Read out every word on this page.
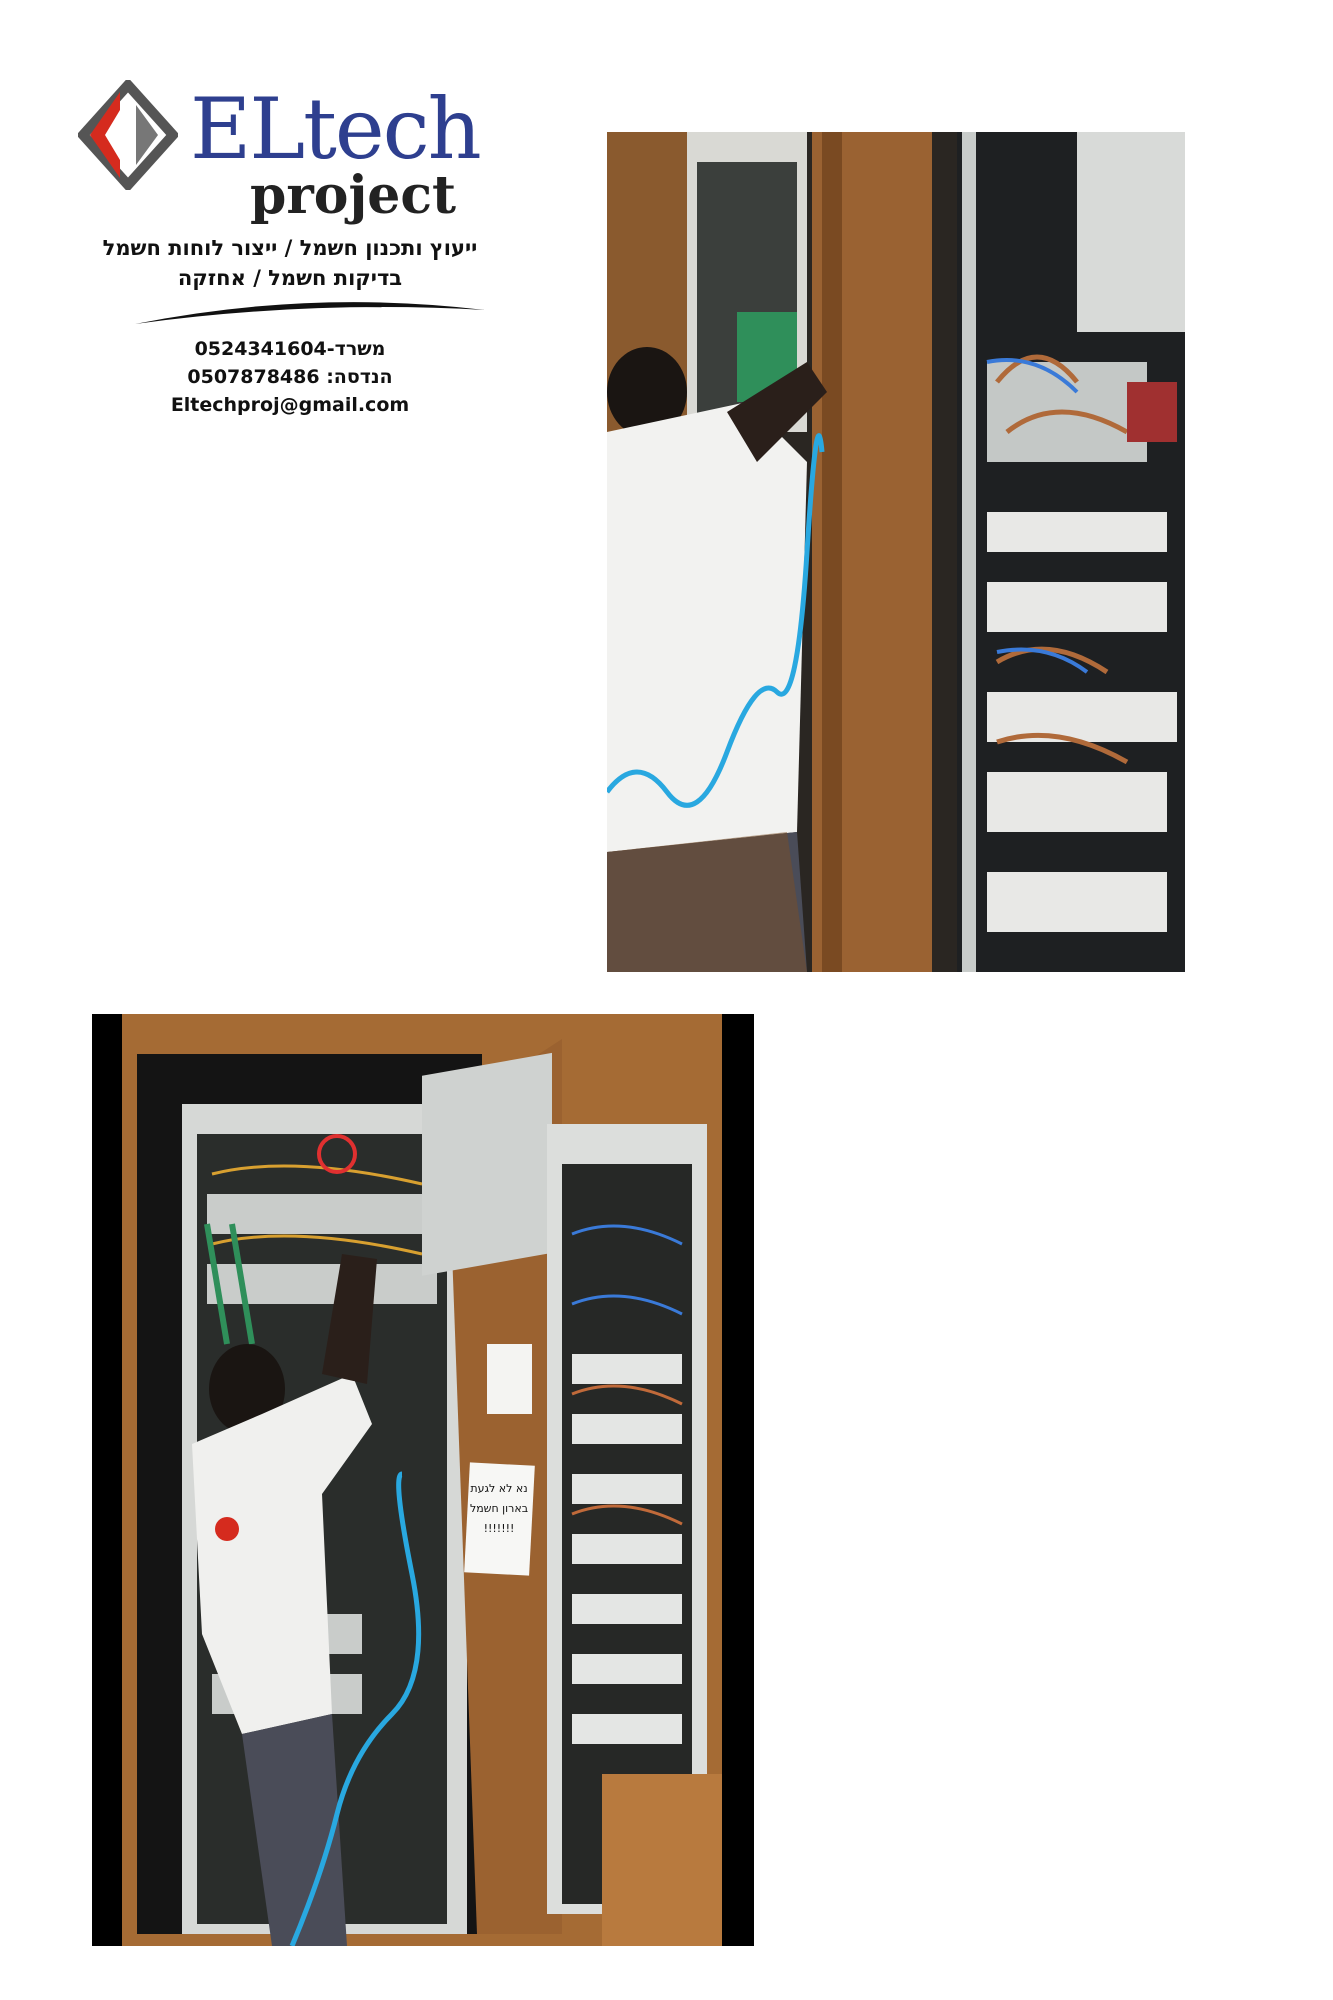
ELtech
project
ייעוץ ותכנון חשמל / ייצור לוחות חשמל
בדיקות חשמל / אחזקה
משרד-0524341604
הנדסה: 0507878486
Eltechproj@gmail.com
נא לא לגעת
בארון חשמל
!!!!!!!
